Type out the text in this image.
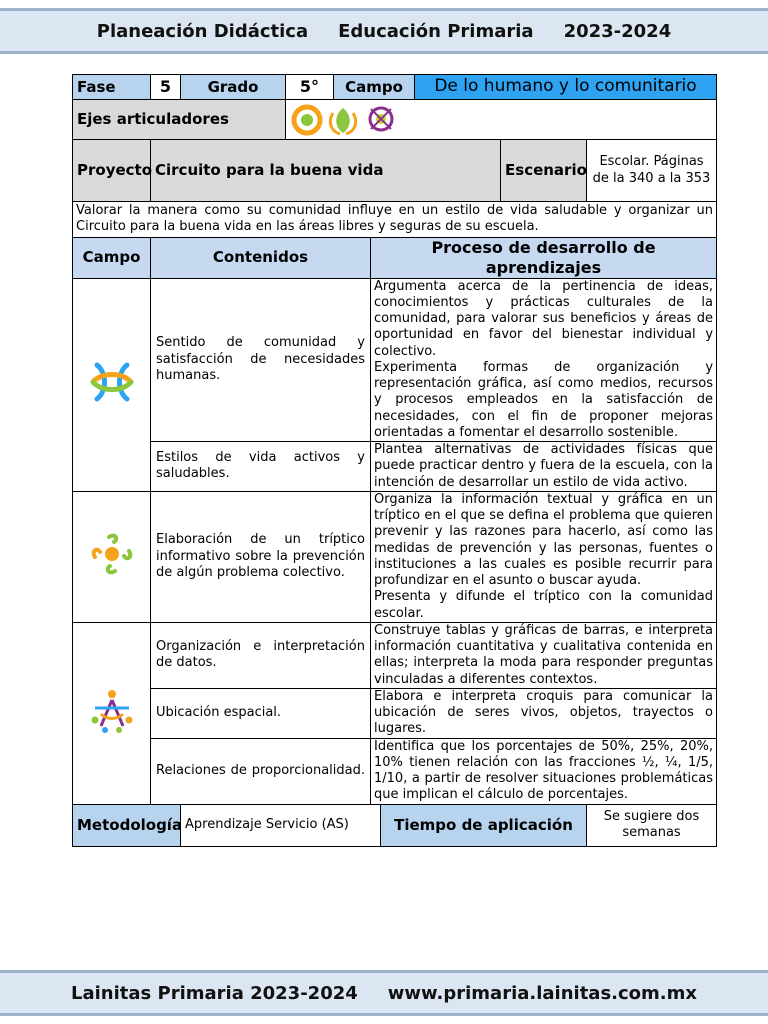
Planeación Didáctica Educación Primaria 2023-2024
Fase	5	Grado	5°	Campo			De lo humano y lo comunitario		
Ejes articuladores	
Proyecto	Circuito para la buena vida							Escenario	Escolar. Páginas de la 340 a la 353
Valorar la manera como su comunidad influye en un estilo de vida saludable y organizar un Circuito para la buena vida en las áreas libres y seguras de su escuela.									
Campo	Contenidos				Proceso de desarrollo de aprendizajes				
	Sentido de comunidad y satisfacción de necesidades humanas.				Argumenta acerca de la pertinencia de ideas, conocimientos y prácticas culturales de la comunidad, para valorar sus beneficios y áreas de oportunidad en favor del bienestar individual y colectivo.
Experimenta formas de organización y representación gráfica, así como medios, recursos y procesos empleados en la satisfacción de necesidades, con el fin de proponer mejoras orientadas a fomentar el desarrollo sostenible.				
	Estilos de vida activos y saludables.				Plantea alternativas de actividades físicas que puede practicar dentro y fuera de la escuela, con la intención de desarrollar un estilo de vida activo.				
	Elaboración de un tríptico informativo sobre la prevención de algún problema colectivo.				Organiza la información textual y gráfica en un tríptico en el que se defina el problema que quieren prevenir y las razones para hacerlo, así como las medidas de prevención y las personas, fuentes o instituciones a las cuales es posible recurrir para profundizar en el asunto o buscar ayuda.
Presenta y difunde el tríptico con la comunidad escolar.				
	Organización e interpretación de datos.				Construye tablas y gráficas de barras, e interpreta información cuantitativa y cualitativa contenida en ellas; interpreta la moda para responder preguntas vinculadas a diferentes contextos.				
	Ubicación espacial.				Elabora e interpreta croquis para comunicar la ubicación de seres vivos, objetos, trayectos o lugares.				
	Relaciones de proporcionalidad.				Identifica que los porcentajes de 50%, 25%, 20%, 10% tienen relación con las fracciones ½, ¼, 1/5, 1/10, a partir de resolver situaciones problemáticas que implican el cálculo de porcentajes.				
Metodología		Aprendizaje Servicio (AS)				Tiempo de aplicación			Se sugiere dos semanas
Lainitas Primaria 2023-2024 www.primaria.lainitas.com.mx
